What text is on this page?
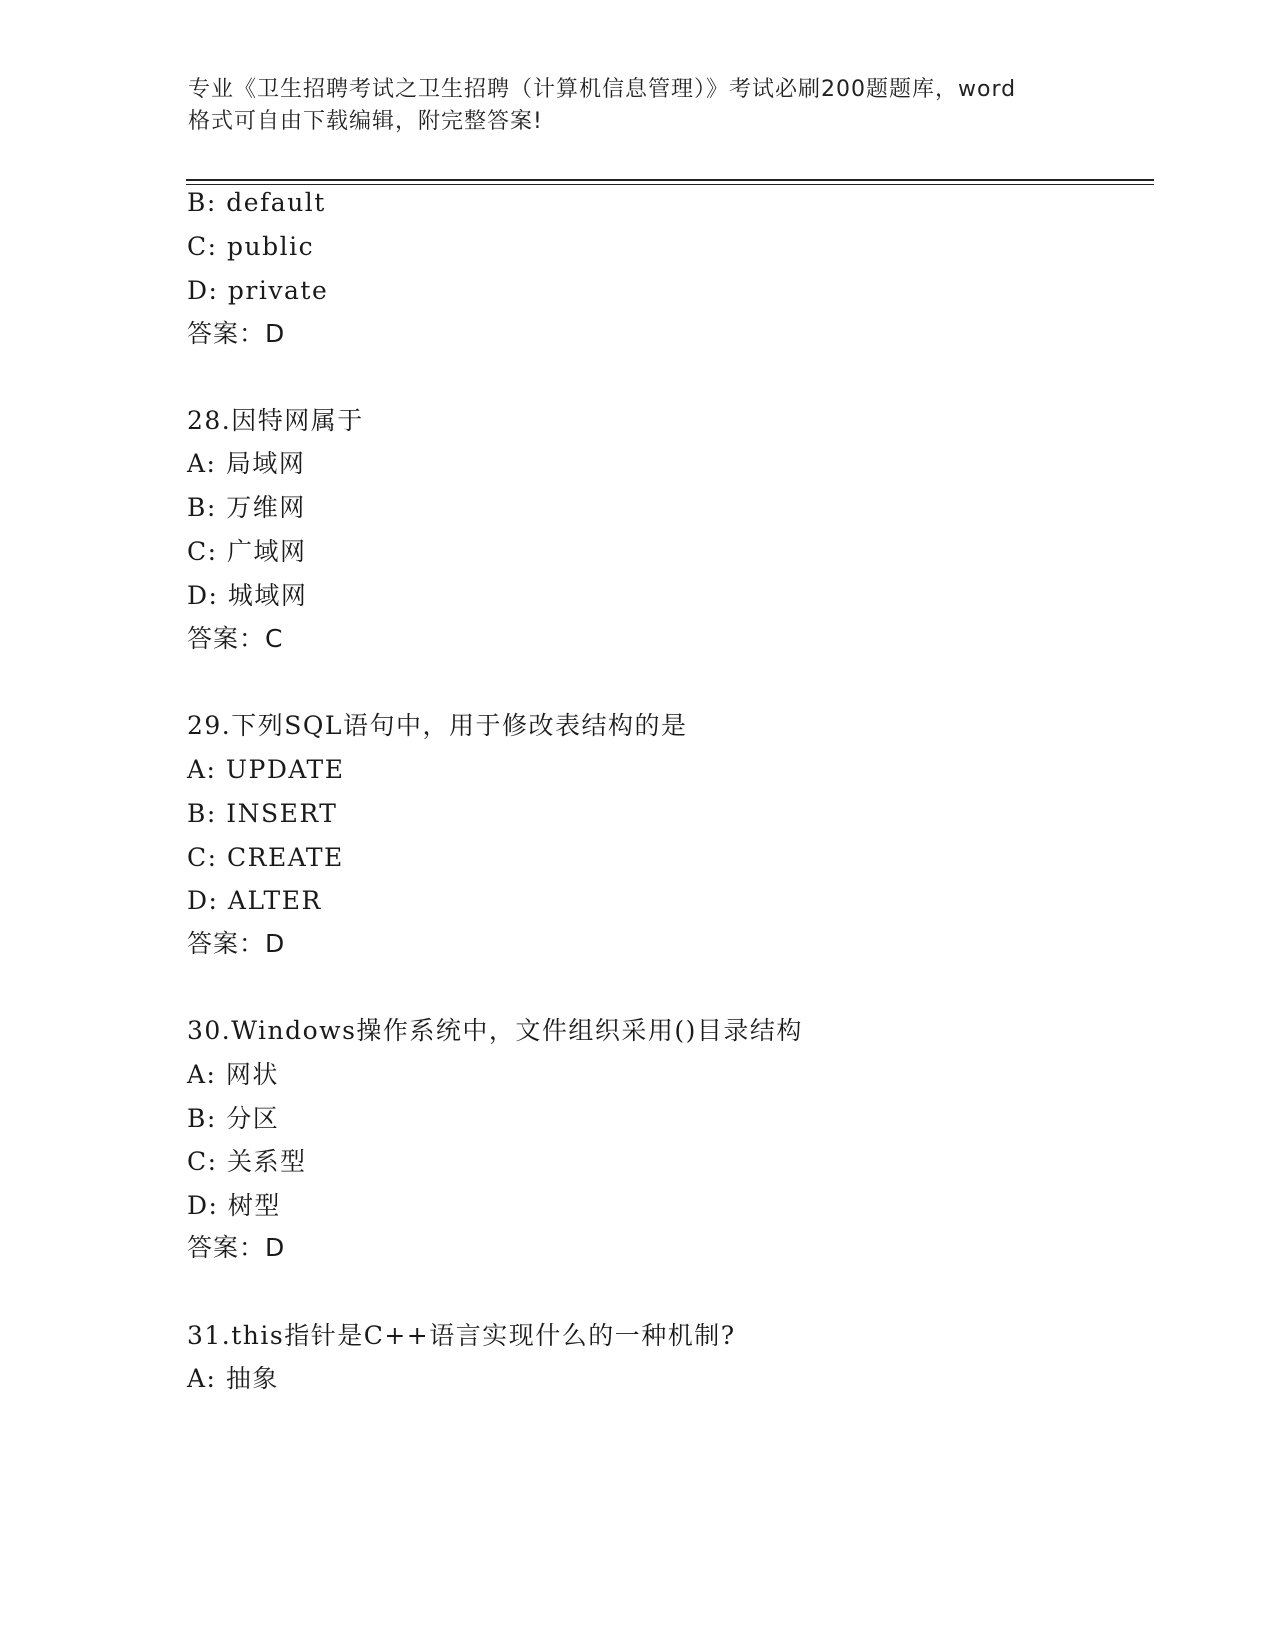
专业《卫生招聘考试之卫生招聘（计算机信息管理）》考试必刷200题题库，word
格式可自由下载编辑，附完整答案!
B: default
C: public
D: private
答案：D
28.因特网属于
A: 局域网
B: 万维网
C: 广域网
D: 城域网
答案：C
29.下列SQL语句中，用于修改表结构的是
A: UPDATE
B: INSERT
C: CREATE
D: ALTER
答案：D
30.Windows操作系统中，文件组织采用()目录结构
A: 网状
B: 分区
C: 关系型
D: 树型
答案：D
31.this指针是C++语言实现什么的一种机制?
A: 抽象
